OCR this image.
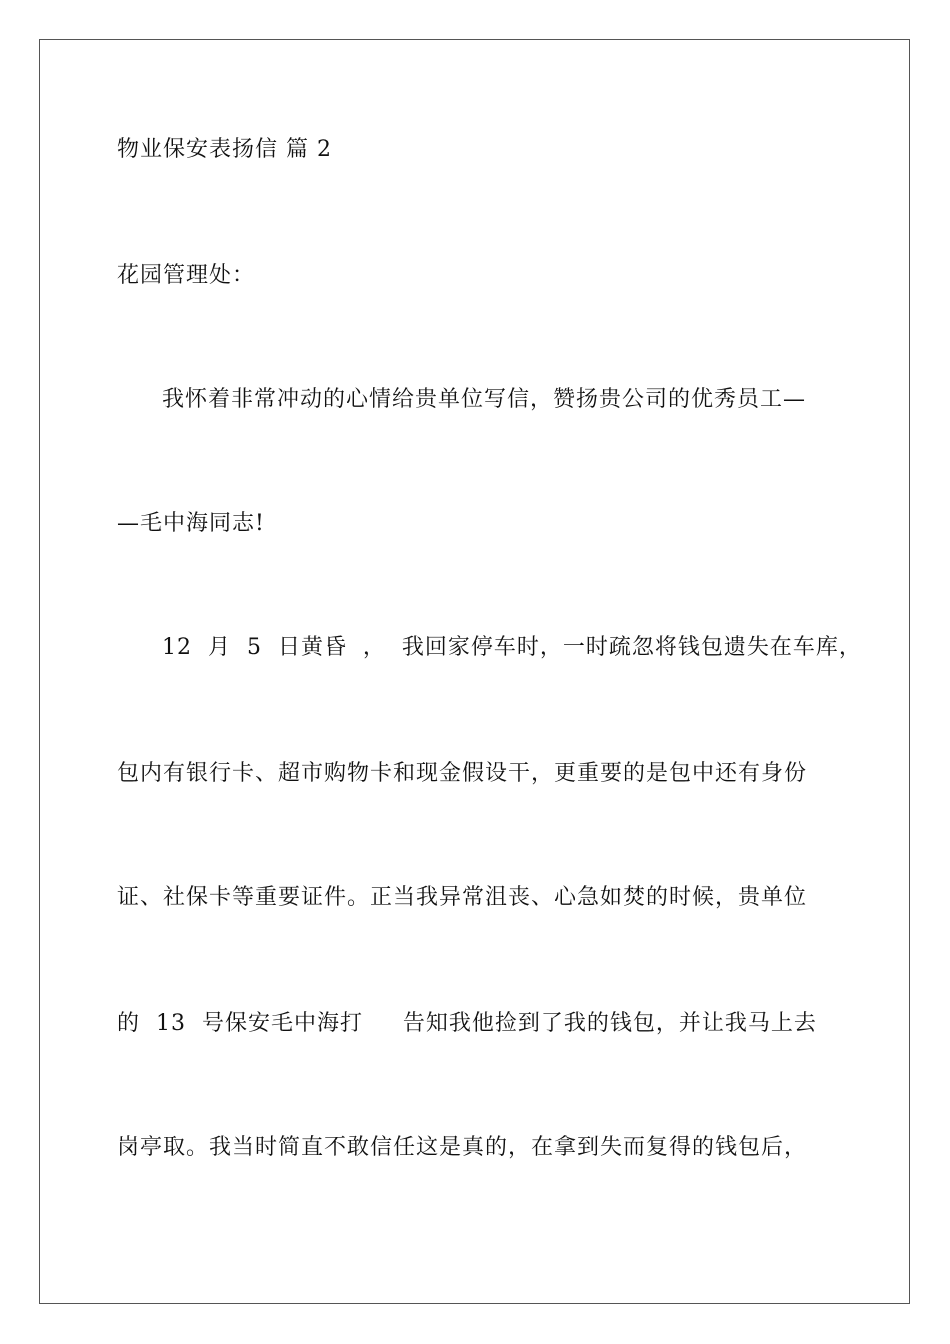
物业保安表扬信 篇 2
花园管理处：
我怀着非常冲动的心情给贵单位写信，赞扬贵公司的优秀员工—
—毛中海同志!
12  月  5  日黄昏  ，  我回家停车时，一时疏忽将钱包遗失在车库，
包内有银行卡、超市购物卡和现金假设干，更重要的是包中还有身份
证、社保卡等重要证件。正当我异常沮丧、心急如焚的时候，贵单位
的  13  号保安毛中海打     告知我他捡到了我的钱包，并让我马上去
岗亭取。我当时简直不敢信任这是真的，在拿到失而复得的钱包后，
